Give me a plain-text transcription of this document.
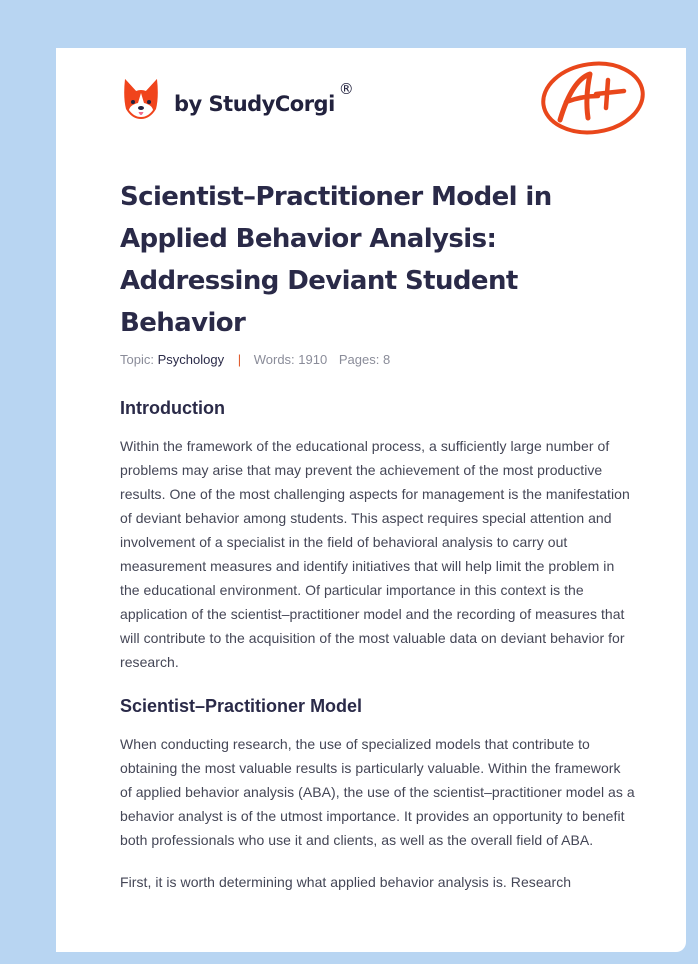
by StudyCorgi
®
Scientist–Practitioner Model in Applied Behavior Analysis: Addressing Deviant Student Behavior
Topic: Psychology | Words: 1910 Pages: 8
Introduction

Within the framework of the educational process, a sufficiently large number of problems may arise that may prevent the achievement of the most productive results. One of the most challenging aspects for management is the manifestation of deviant behavior among students. This aspect requires special attention and involvement of a specialist in the field of behavioral analysis to carry out measurement measures and identify initiatives that will help limit the problem in the educational environment. Of particular importance in this context is the application of the scientist–practitioner model and the recording of measures that will contribute to the acquisition of the most valuable data on deviant behavior for research.

Scientist–Practitioner Model

When conducting research, the use of specialized models that contribute to obtaining the most valuable results is particularly valuable. Within the framework of applied behavior analysis (ABA), the use of the scientist–practitioner model as a behavior analyst is of the utmost importance. It provides an opportunity to benefit both professionals who use it and clients, as well as the overall field of ABA.

First, it is worth determining what applied behavior analysis is. Research
